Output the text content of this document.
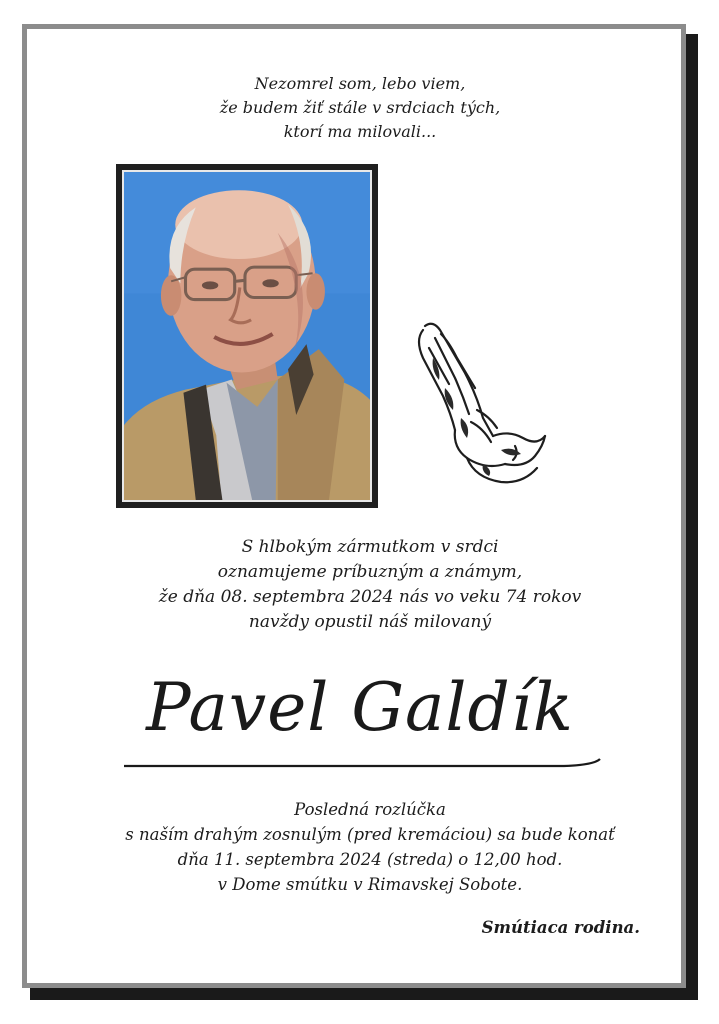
Nezomrel som, lebo viem,
že budem žiť stále v srdciach tých,
ktorí ma milovali...
S hlbokým zármutkom v srdci
oznamujeme príbuzným a známym,
že dňa 08. septembra 2024 nás vo veku 74 rokov
navždy opustil náš milovaný
Pavel Galdík
Posledná rozlúčka
s naším drahým zosnulým (pred kremáciou) sa bude konať
dňa 11. septembra 2024 (streda) o 12,00 hod.
v Dome smútku v Rimavskej Sobote.
Smútiaca rodina.
